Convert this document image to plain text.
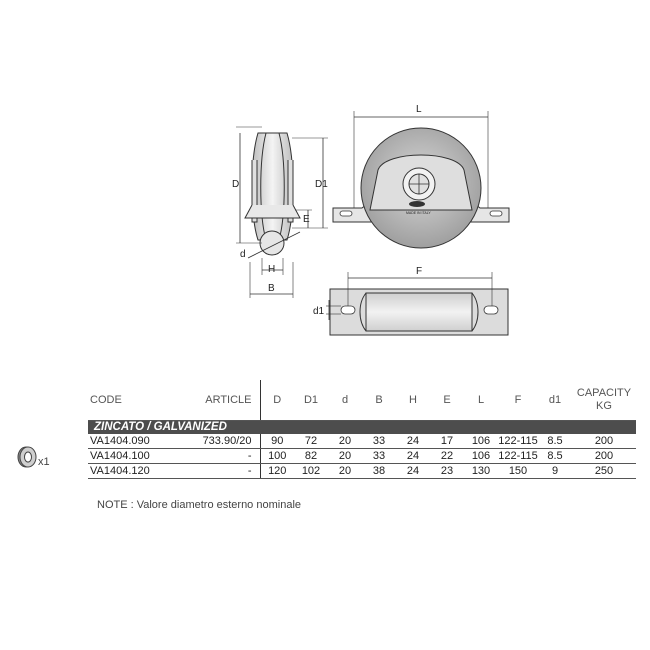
D	D1
E
d
H
B
MADE IN ITALY
L
F
d1
CODE	ARTICLE	D	D1	d	B	H	E	L	F	d1	CAPACITY
KG
ZINCATO / GALVANIZED											
VA1404.090	733.90/20	90	72	20	33	24	17	106	122-115	8.5	200
VA1404.100	-	100	82	20	33	24	22	106	122-115	8.5	200
VA1404.120	-	120	102	20	38	24	23	130	150	9	250
x1
NOTE : Valore diametro esterno nominale
